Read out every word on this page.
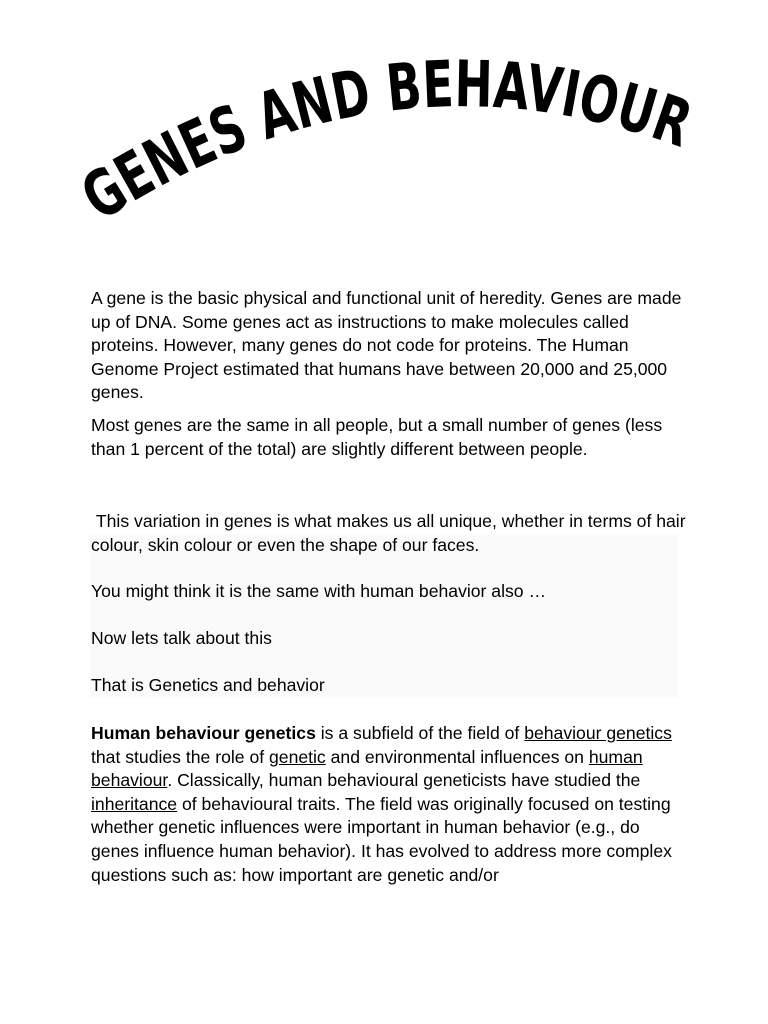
GENES AND BEHAVIOUR

A gene is the basic physical and functional unit of heredity. Genes are made up of DNA. Some genes act as instructions to make molecules called proteins. However, many genes do not code for proteins. The Human Genome Project estimated that humans have between 20,000 and 25,000 genes.

Most genes are the same in all people, but a small number of genes (less than 1 percent of the total) are slightly different between people.

This variation in genes is what makes us all unique, whether in terms of hair colour, skin colour or even the shape of our faces.

You might think it is the same with human behavior also …

Now lets talk about this

That is Genetics and behavior

Human behaviour genetics is a subfield of the field of behaviour genetics that studies the role of genetic and environmental influences on human behaviour. Classically, human behavioural geneticists have studied the inheritance of behavioural traits. The field was originally focused on testing whether genetic influences were important in human behavior (e.g., do genes influence human behavior). It has evolved to address more complex questions such as: how important are genetic and/or
